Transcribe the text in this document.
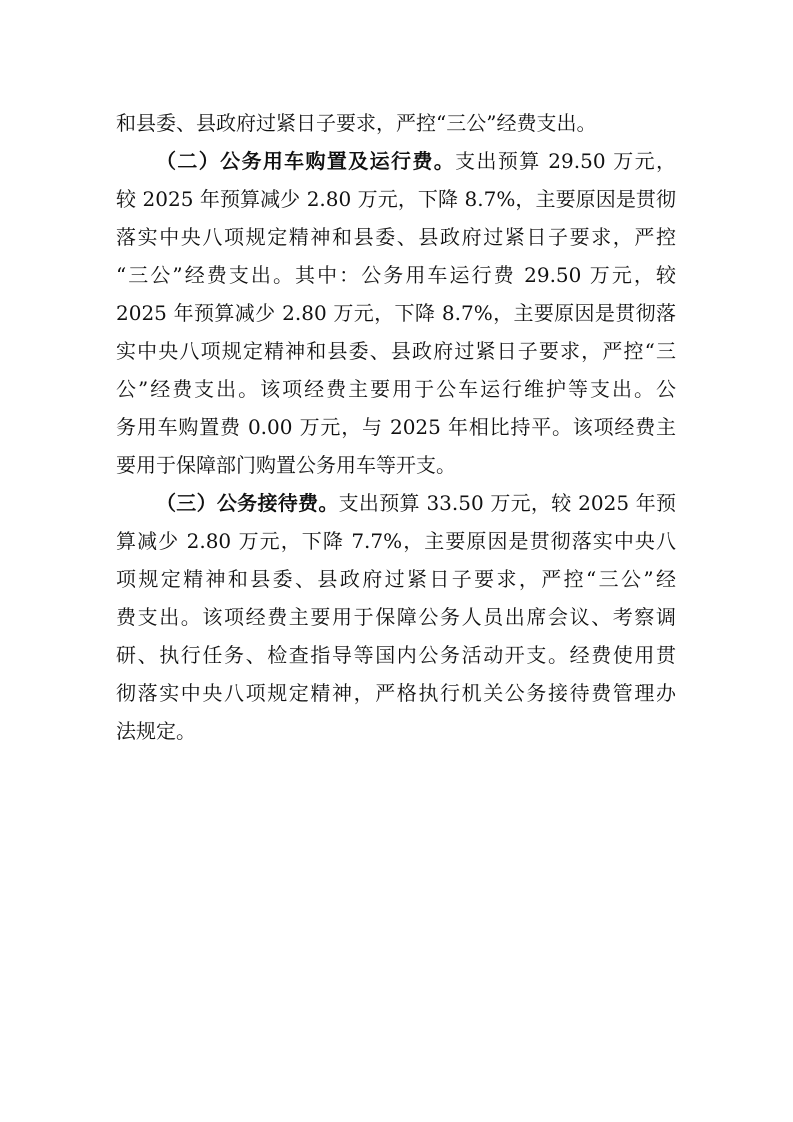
和县委、县政府过紧日子要求，严控“三公”经费支出。

（二）公务用车购置及运行费。支出预算 29.50 万元，
较 2025 年预算减少 2.80 万元，下降 8.7%，主要原因是贯彻
落实中央八项规定精神和县委、县政府过紧日子要求，严控
“三公”经费支出。其中：公务用车运行费 29.50 万元，较
2025 年预算减少 2.80 万元，下降 8.7%，主要原因是贯彻落
实中央八项规定精神和县委、县政府过紧日子要求，严控“三
公”经费支出。该项经费主要用于公车运行维护等支出。公
务用车购置费 0.00 万元，与 2025 年相比持平。该项经费主
要用于保障部门购置公务用车等开支。

（三）公务接待费。支出预算 33.50 万元，较 2025 年预
算减少 2.80 万元，下降 7.7%，主要原因是贯彻落实中央八
项规定精神和县委、县政府过紧日子要求，严控“三公”经
费支出。该项经费主要用于保障公务人员出席会议、考察调
研、执行任务、检查指导等国内公务活动开支。经费使用贯
彻落实中央八项规定精神，严格执行机关公务接待费管理办
法规定。
